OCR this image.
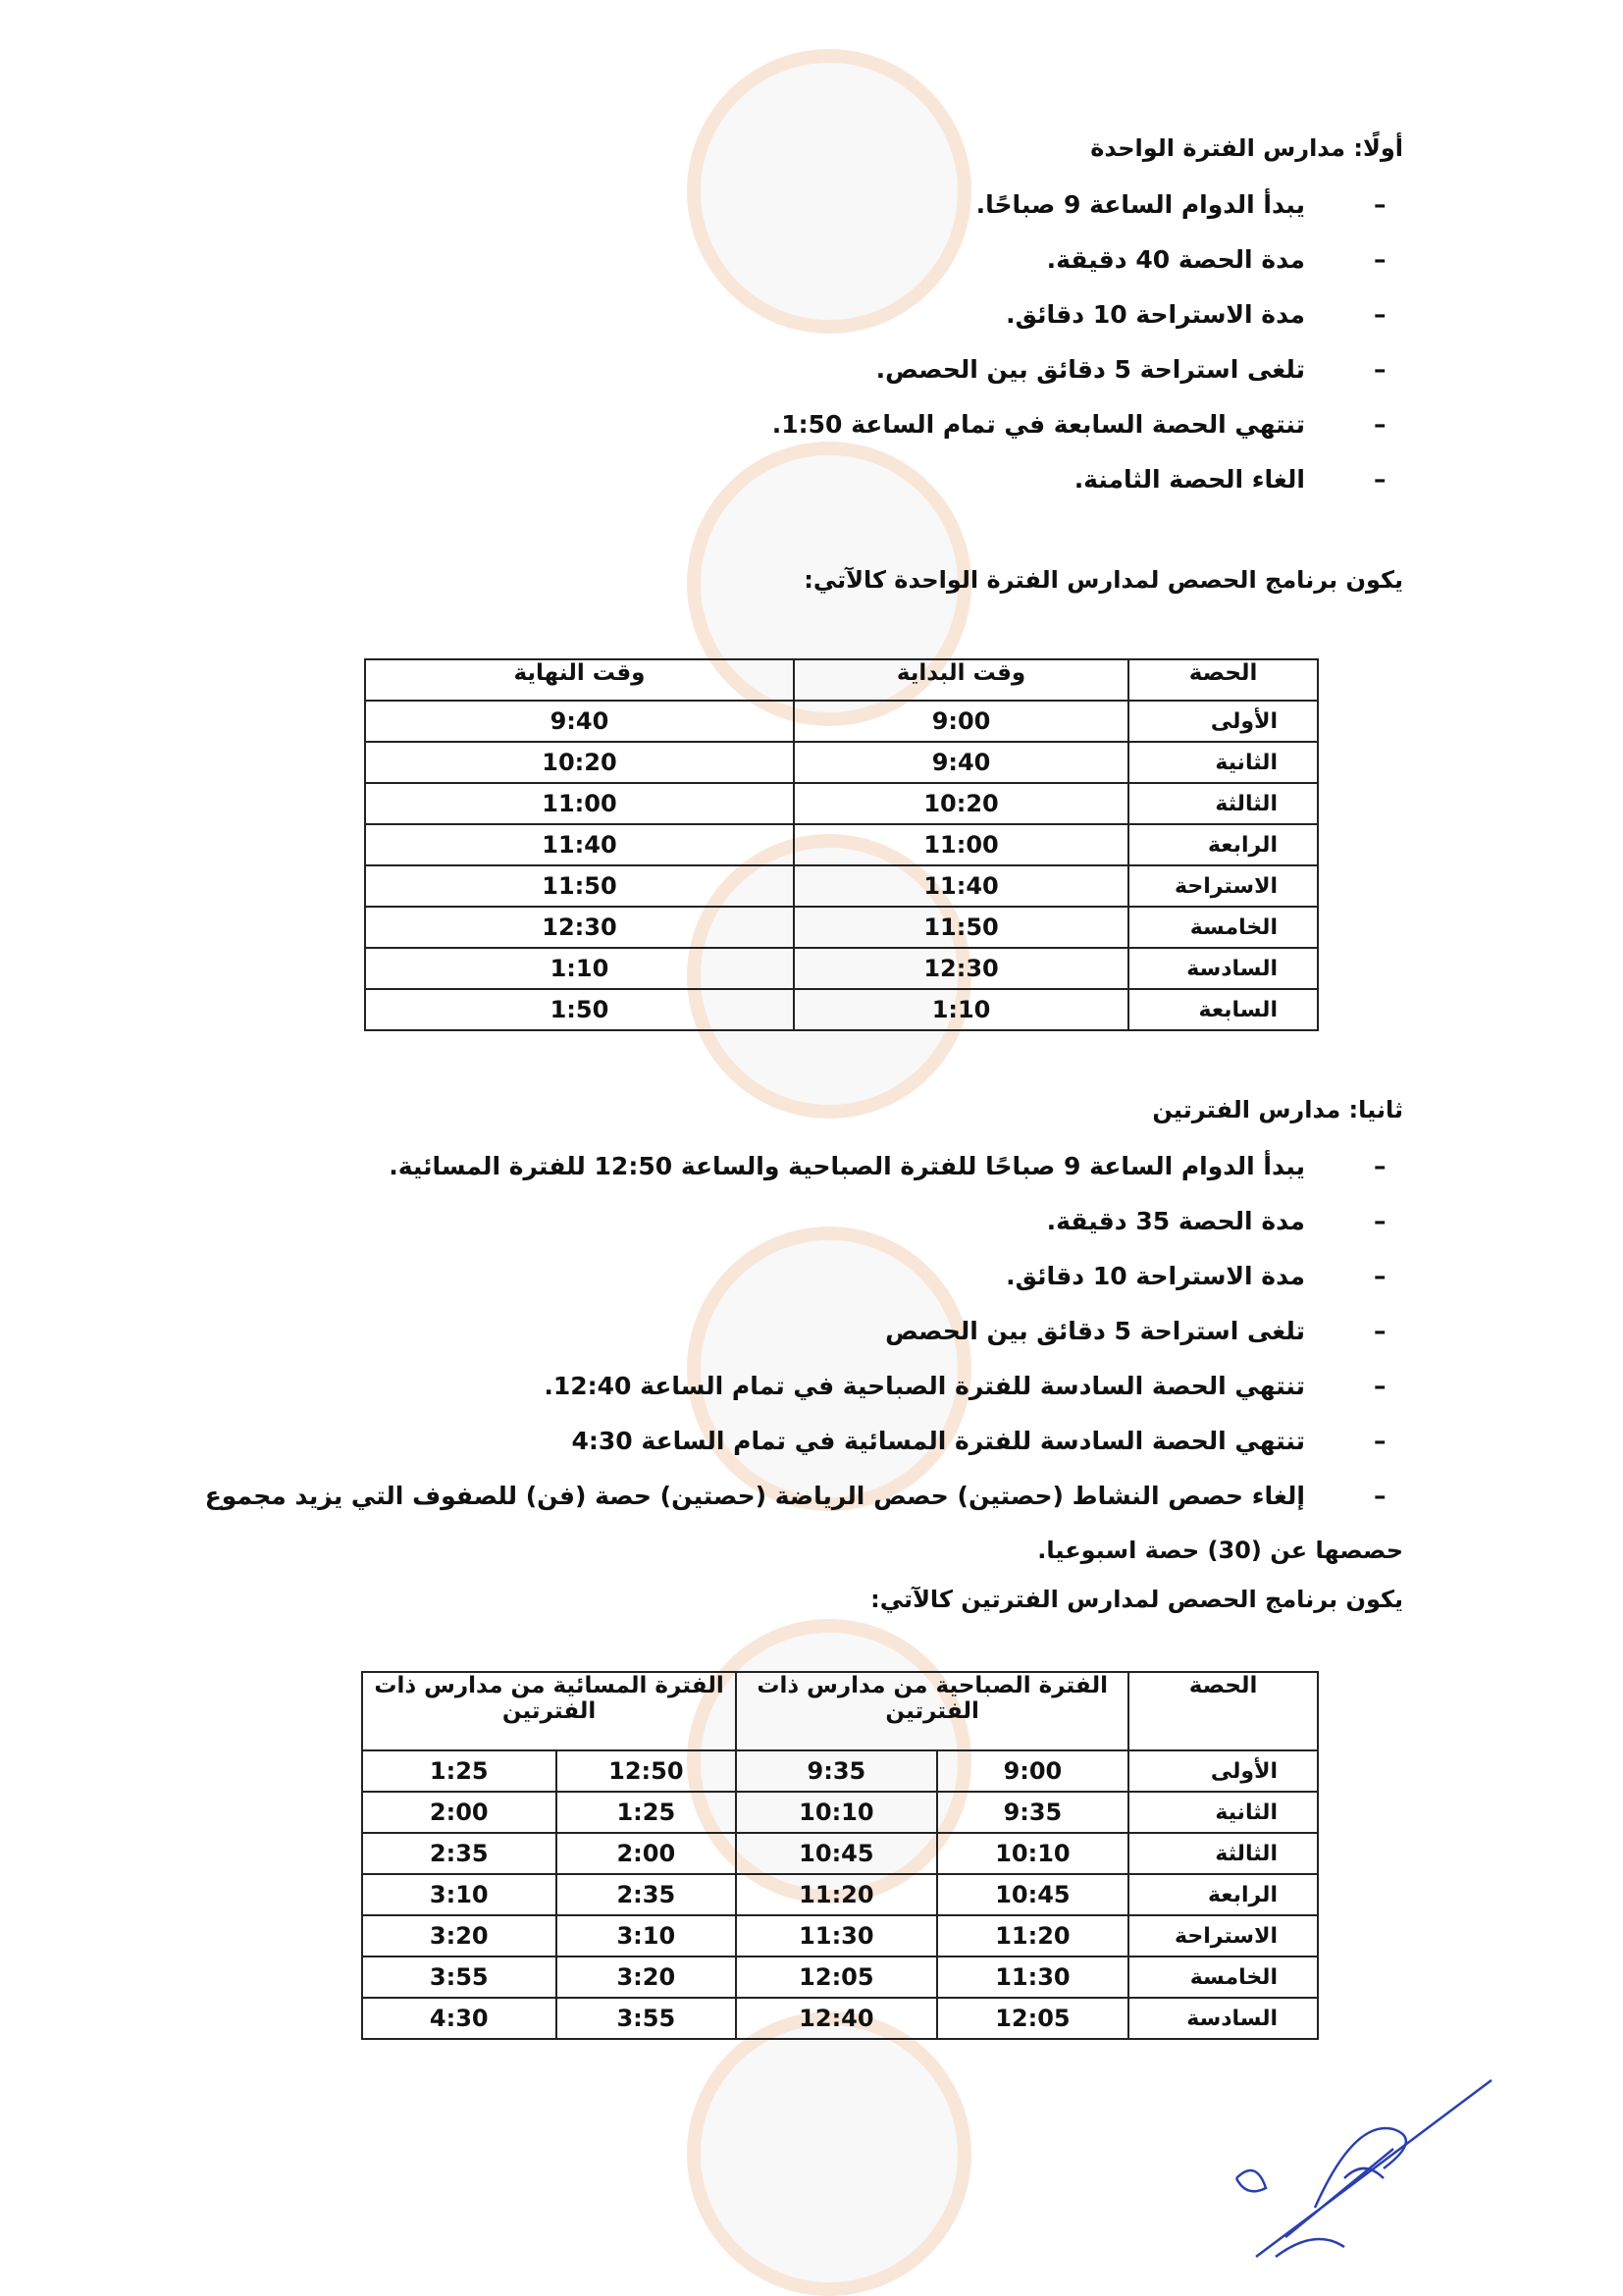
أولًا: مدارس الفترة الواحدة
–
يبدأ الدوام الساعة 9 صباحًا.
–
مدة الحصة 40 دقيقة.
–
مدة الاستراحة 10 دقائق.
–
تلغى استراحة 5 دقائق بين الحصص.
–
تنتهي الحصة السابعة في تمام الساعة 1:50.
–
الغاء الحصة الثامنة.
يكون برنامج الحصص لمدارس الفترة الواحدة كالآتي:
الحصة	وقت البداية	وقت النهاية
الأولى	9:00	9:40
الثانية	9:40	10:20
الثالثة	10:20	11:00
الرابعة	11:00	11:40
الاستراحة	11:40	11:50
الخامسة	11:50	12:30
السادسة	12:30	1:10
السابعة	1:10	1:50
ثانيا: مدارس الفترتين
–
يبدأ الدوام الساعة 9 صباحًا للفترة الصباحية والساعة 12:50 للفترة المسائية.
–
مدة الحصة 35 دقيقة.
–
مدة الاستراحة 10 دقائق.
–
تلغى استراحة 5 دقائق بين الحصص
–
تنتهي الحصة السادسة للفترة الصباحية في تمام الساعة 12:40.
–
تنتهي الحصة السادسة للفترة المسائية في تمام الساعة 4:30
–
إلغاء حصص النشاط (حصتين) حصص الرياضة (حصتين) حصة (فن) للصفوف التي يزيد مجموع
حصصها عن (30) حصة اسبوعيا.
يكون برنامج الحصص لمدارس الفترتين كالآتي:
الحصة	الفترة الصباحية من مدارس ذات الفترتين		الفترة المسائية من مدارس ذات الفترتين	
الأولى	9:00	9:35	12:50	1:25
الثانية	9:35	10:10	1:25	2:00
الثالثة	10:10	10:45	2:00	2:35
الرابعة	10:45	11:20	2:35	3:10
الاستراحة	11:20	11:30	3:10	3:20
الخامسة	11:30	12:05	3:20	3:55
السادسة	12:05	12:40	3:55	4:30
